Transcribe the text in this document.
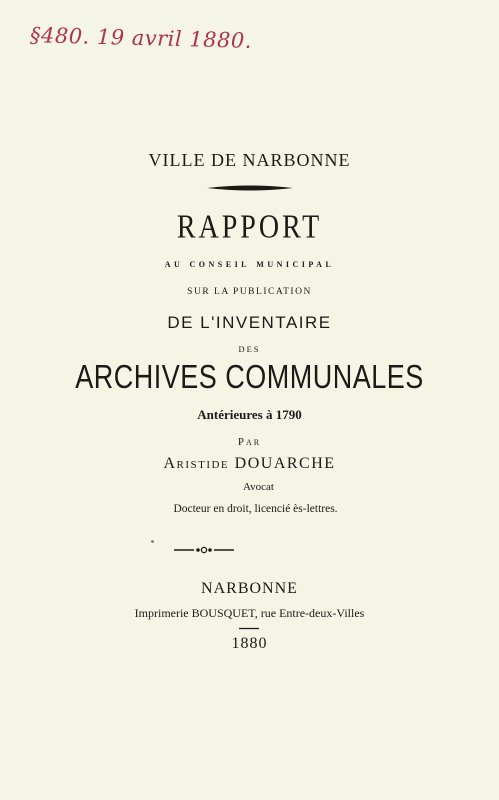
§480. 19 avril 1880.
VILLE DE NARBONNE
RAPPORT
au conseil municipal
SUR LA PUBLICATION
DE L'INVENTAIRE
DES
ARCHIVES COMMUNALES
Antérieures à 1790
Par
Aristide DOUARCHE
Avocat
Docteur en droit, licencié ès-lettres.
NARBONNE
Imprimerie BOUSQUET, rue Entre-deux-Villes
1880
